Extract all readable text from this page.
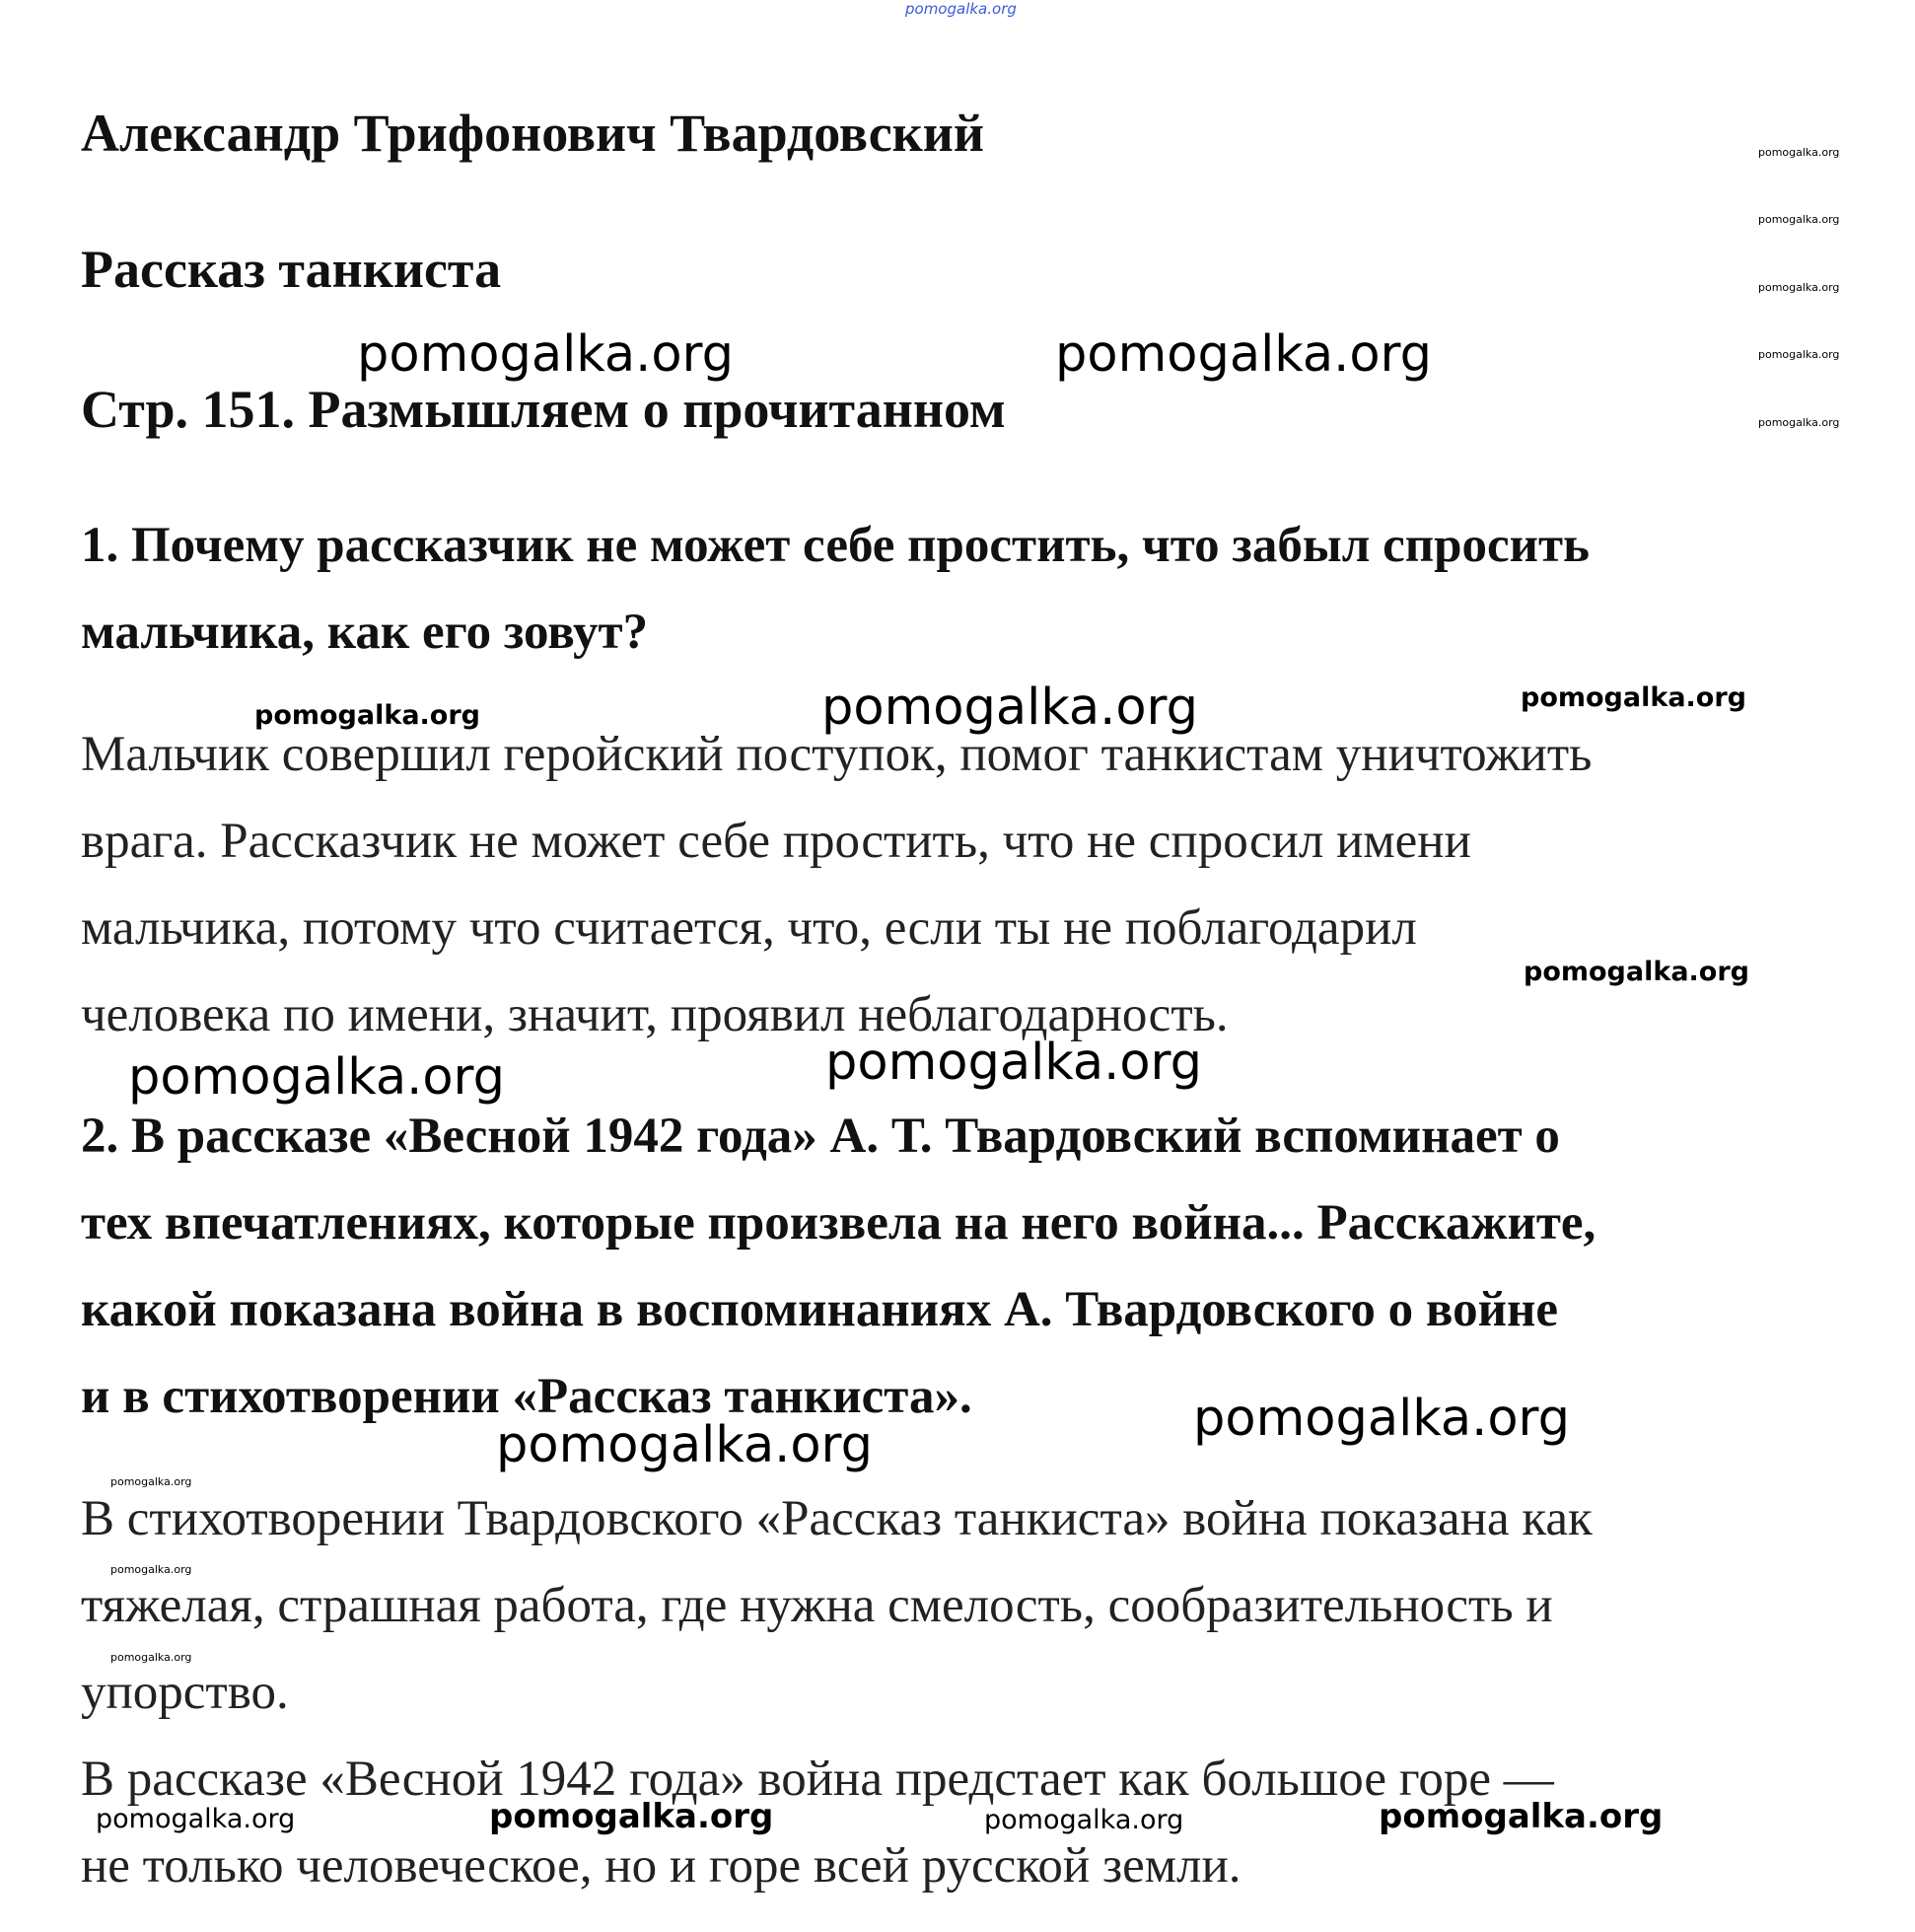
pomogalka.org
Александр Трифонович Твардовский
Рассказ танкиста
Стр. 151. Размышляем о прочитанном
1. Почему рассказчик не может себе простить, что забыл спросить
мальчика, как его зовут?
Мальчик совершил геройский поступок, помог танкистам уничтожить
врага. Рассказчик не может себе простить, что не спросил имени
мальчика, потому что считается, что, если ты не поблагодарил
человека по имени, значит, проявил неблагодарность.
2. В рассказе «Весной 1942 года» А. Т. Твардовский вспоминает о
тех впечатлениях, которые произвела на него война... Расскажите,
какой показана война в воспоминаниях А. Твардовского о войне
и в стихотворении «Рассказ танкиста».
В стихотворении Твардовского «Рассказ танкиста» война показана как
тяжелая, страшная работа, где нужна смелость, сообразительность и
упорство.
В рассказе «Весной 1942 года» война предстает как большое горе —
не только человеческое, но и горе всей русской земли.
pomogalka.org
pomogalka.org
pomogalka.org
pomogalka.org
pomogalka.org
pomogalka.org	pomogalka.org
pomogalka.org	pomogalka.org	pomogalka.org
pomogalka.org
pomogalka.org	pomogalka.org
pomogalka.org
pomogalka.org
pomogalka.org
pomogalka.org
pomogalka.org
pomogalka.org	pomogalka.org	pomogalka.org	pomogalka.org
